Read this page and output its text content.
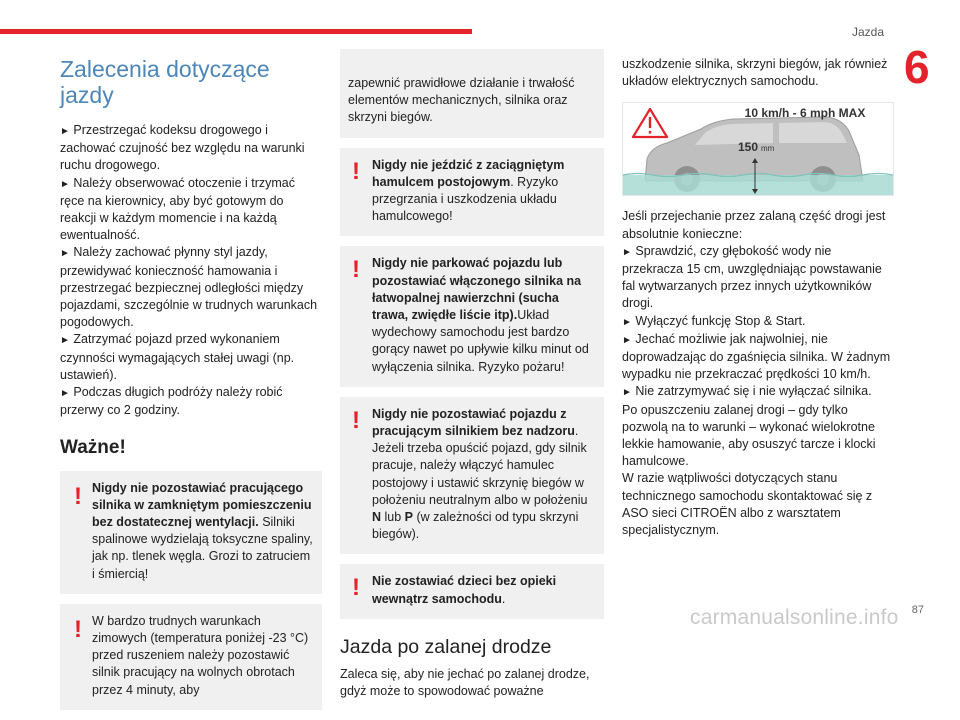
Jazda
6
Zalecenia dotyczące jazdy

► Przestrzegać kodeksu drogowego i zachować czujność bez względu na warunki ruchu drogowego.
► Należy obserwować otoczenie i trzymać ręce na kierownicy, aby być gotowym do reakcji w każdym momencie i na każdą ewentualność.
► Należy zachować płynny styl jazdy, przewidywać konieczność hamowania i przestrzegać bezpiecznej odległości między pojazdami, szczególnie w trudnych warunkach pogodowych.
► Zatrzymać pojazd przed wykonaniem czynności wymagających stałej uwagi (np. ustawień).
► Podczas długich podróży należy robić przerwy co 2 godziny.

Ważne!
! Nigdy nie pozostawiać pracującego silnika w zamkniętym pomieszczeniu bez dostatecznej wentylacji. Silniki spalinowe wydzielają toksyczne spaliny, jak np. tlenek węgla. Grozi to zatruciem i śmiercią!

! W bardzo trudnych warunkach zimowych (temperatura poniżej -23 °C) przed ruszeniem należy pozostawić silnik pracujący na wolnych obrotach przez 4 minuty, aby

zapewnić prawidłowe działanie i trwałość elementów mechanicznych, silnika oraz skrzyni biegów.

! Nigdy nie jeździć z zaciągniętym hamulcem postojowym. Ryzyko przegrzania i uszkodzenia układu hamulcowego!

! Nigdy nie parkować pojazdu lub pozostawiać włączonego silnika na łatwopalnej nawierzchni (sucha trawa, zwiędłe liście itp).Układ wydechowy samochodu jest bardzo gorący nawet po upływie kilku minut od wyłączenia silnika. Ryzyko pożaru!

! Nigdy nie pozostawiać pojazdu z pracującym silnikiem bez nadzoru. Jeżeli trzeba opuścić pojazd, gdy silnik pracuje, należy włączyć hamulec postojowy i ustawić skrzynię biegów w położeniu neutralnym albo w położeniu N lub P (w zależności od typu skrzyni biegów).

! Nie zostawiać dzieci bez opieki wewnątrz samochodu.

Jazda po zalanej drodze

Zaleca się, aby nie jechać po zalanej drodze, gdyż może to spowodować poważne

uszkodzenie silnika, skrzyni biegów, jak również układów elektrycznych samochodu.

10 km/h - 6 mph MAX
150 mm

Jeśli przejechanie przez zalaną część drogi jest absolutnie konieczne:

► Sprawdzić, czy głębokość wody nie przekracza 15 cm, uwzględniając powstawanie fal wytwarzanych przez innych użytkowników drogi.
► Wyłączyć funkcję Stop & Start.
► Jechać możliwie jak najwolniej, nie doprowadzając do zgaśnięcia silnika. W żadnym wypadku nie przekraczać prędkości 10 km/h.
► Nie zatrzymywać się i nie wyłączać silnika.

Po opuszczeniu zalanej drogi – gdy tylko pozwolą na to warunki – wykonać wielokrotne lekkie hamowanie, aby osuszyć tarcze i klocki hamulcowe.

W razie wątpliwości dotyczących stanu technicznego samochodu skontaktować się z ASO sieci CITROËN albo z warsztatem specjalistycznym.

carmanualsonline.info 87
